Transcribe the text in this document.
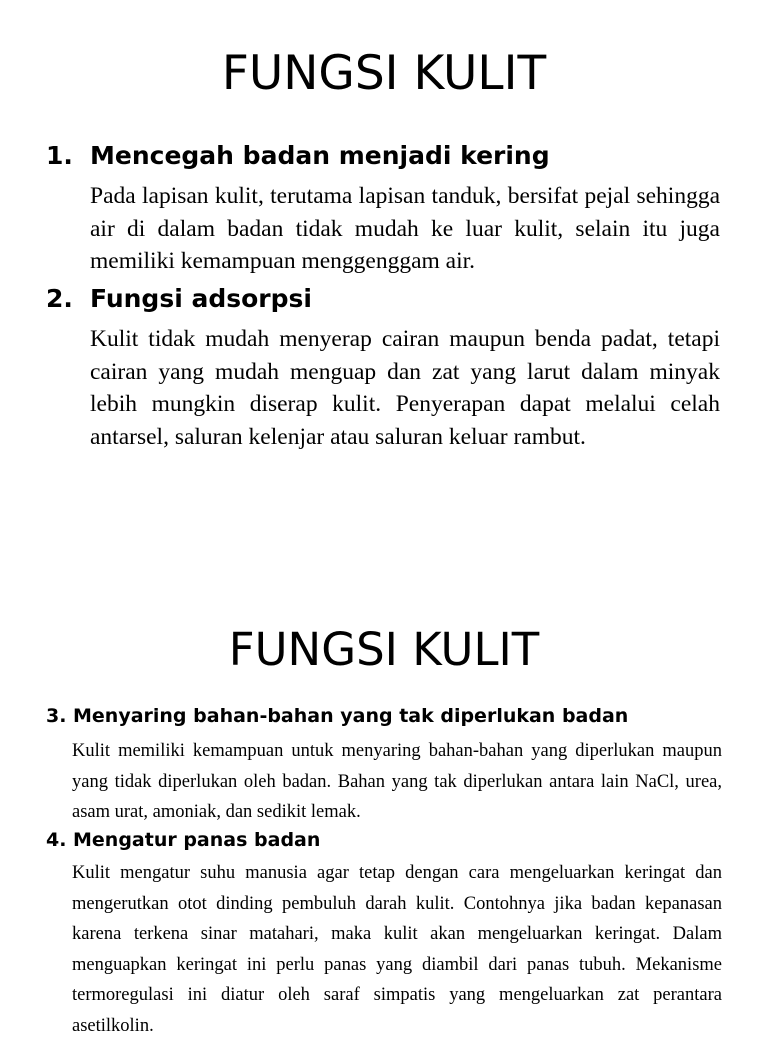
FUNGSI KULIT
1. Mencegah badan menjadi kering

Pada lapisan kulit, terutama lapisan tanduk, bersifat pejal sehingga air di dalam badan tidak mudah ke luar kulit, selain itu juga memiliki kemampuan menggenggam air.

2. Fungsi adsorpsi

Kulit tidak mudah menyerap cairan maupun benda padat, tetapi cairan yang mudah menguap dan zat yang larut dalam minyak lebih mungkin diserap kulit. Penyerapan dapat melalui celah antarsel, saluran kelenjar atau saluran keluar rambut.

FUNGSI KULIT
3. Menyaring bahan-bahan yang tak diperlukan badan

Kulit memiliki kemampuan untuk menyaring bahan-bahan yang diperlukan maupun yang tidak diperlukan oleh badan. Bahan yang tak diperlukan antara lain NaCl, urea, asam urat, amoniak, dan sedikit lemak.

4. Mengatur panas badan

Kulit mengatur suhu manusia agar tetap dengan cara mengeluarkan keringat dan mengerutkan otot dinding pembuluh darah kulit. Contohnya jika badan kepanasan karena terkena sinar matahari, maka kulit akan mengeluarkan keringat. Dalam menguapkan keringat ini perlu panas yang diambil dari panas tubuh. Mekanisme termoregulasi ini diatur oleh saraf simpatis yang mengeluarkan zat perantara asetilkolin.
